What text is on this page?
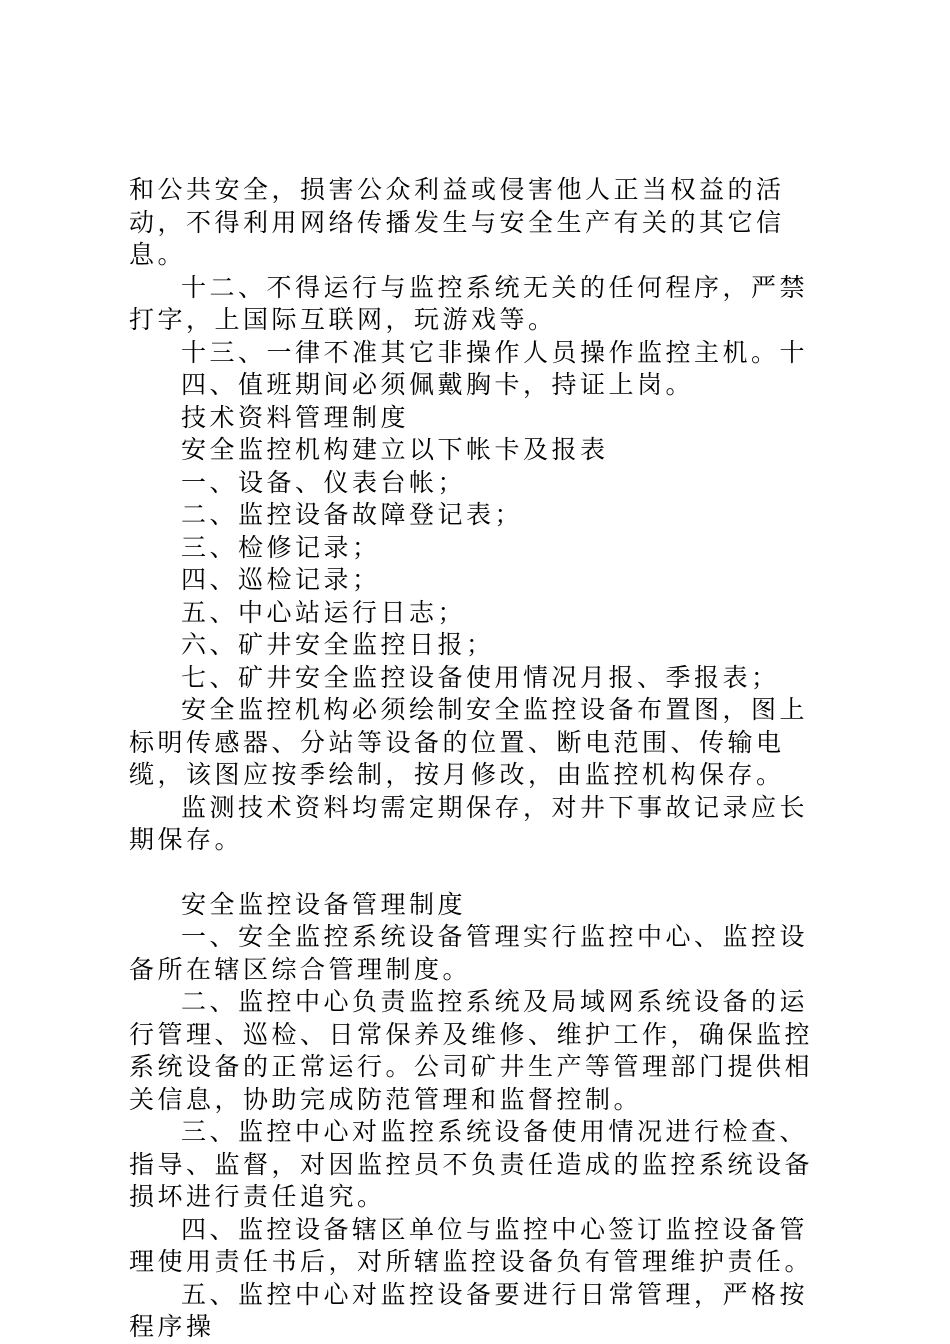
和公共安全，损害公众利益或侵害他人正当权益的活动，不得利用网络传播发生与安全生产有关的其它信息。

十二、不得运行与监控系统无关的任何程序，严禁打字，上国际互联网，玩游戏等。

十三、一律不准其它非操作人员操作监控主机。十

四、值班期间必须佩戴胸卡，持证上岗。

技术资料管理制度

安全监控机构建立以下帐卡及报表

一、设备、仪表台帐；

二、监控设备故障登记表；

三、检修记录；

四、巡检记录；

五、中心站运行日志；

六、矿井安全监控日报；

七、矿井安全监控设备使用情况月报、季报表；

安全监控机构必须绘制安全监控设备布置图，图上标明传感器、分站等设备的位置、断电范围、传输电缆，该图应按季绘制，按月修改，由监控机构保存。

监测技术资料均需定期保存，对井下事故记录应长期保存。

安全监控设备管理制度

一、安全监控系统设备管理实行监控中心、监控设备所在辖区综合管理制度。

二、监控中心负责监控系统及局域网系统设备的运行管理、巡检、日常保养及维修、维护工作，确保监控系统设备的正常运行。公司矿井生产等管理部门提供相关信息，协助完成防范管理和监督控制。

三、监控中心对监控系统设备使用情况进行检查、指导、监督，对因监控员不负责任造成的监控系统设备损坏进行责任追究。

四、监控设备辖区单位与监控中心签订监控设备管理使用责任书后，对所辖监控设备负有管理维护责任。

五、监控中心对监控设备要进行日常管理，严格按程序操
